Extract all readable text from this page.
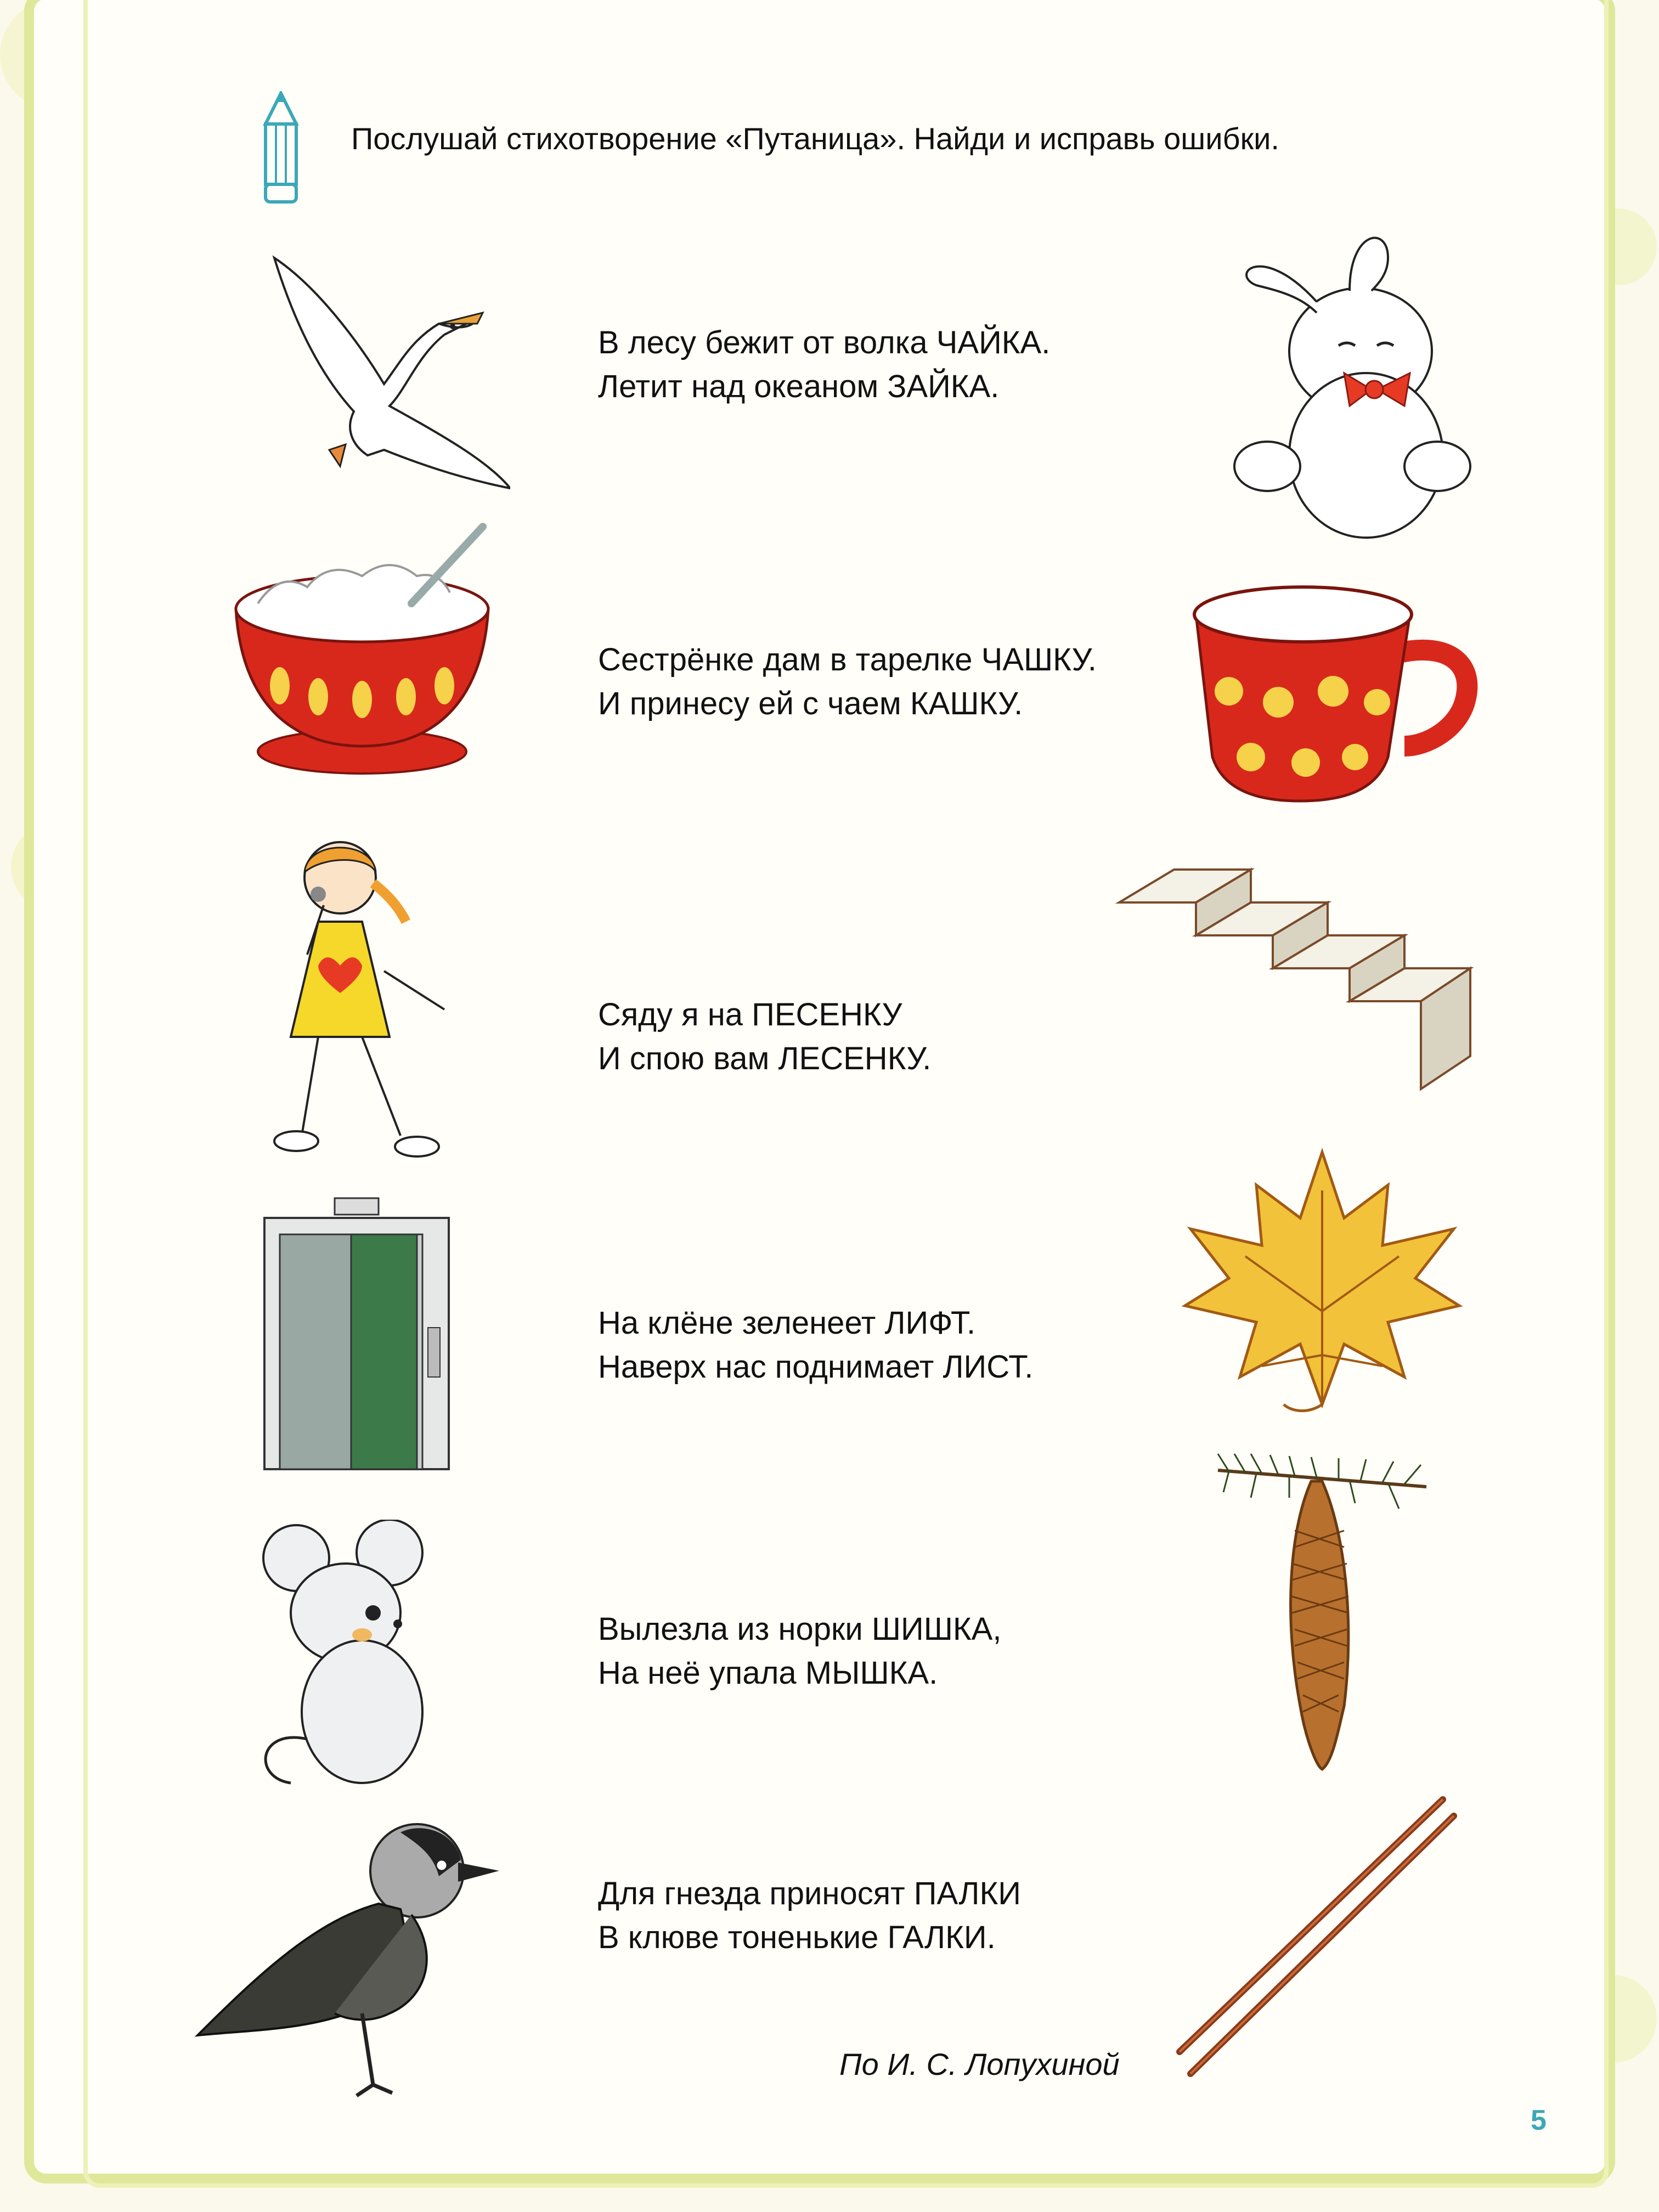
Послушай стихотворение «Путаница». Найди и исправь ошибки.
В лесу бежит от волка ЧАЙКА.
Летит над океаном ЗАЙКА.
Сестрёнке дам в тарелке ЧАШКУ.
И принесу ей с чаем КАШКУ.
Сяду я на ПЕСЕНКУ
И спою вам ЛЕСЕНКУ.
На клёне зеленеет ЛИФТ.
Наверх нас поднимает ЛИСТ.
Вылезла из норки ШИШКА,
На неё упала МЫШКА.
Для гнезда приносят ПАЛКИ
В клюве тоненькие ГАЛКИ.
По И. С. Лопухиной
5
